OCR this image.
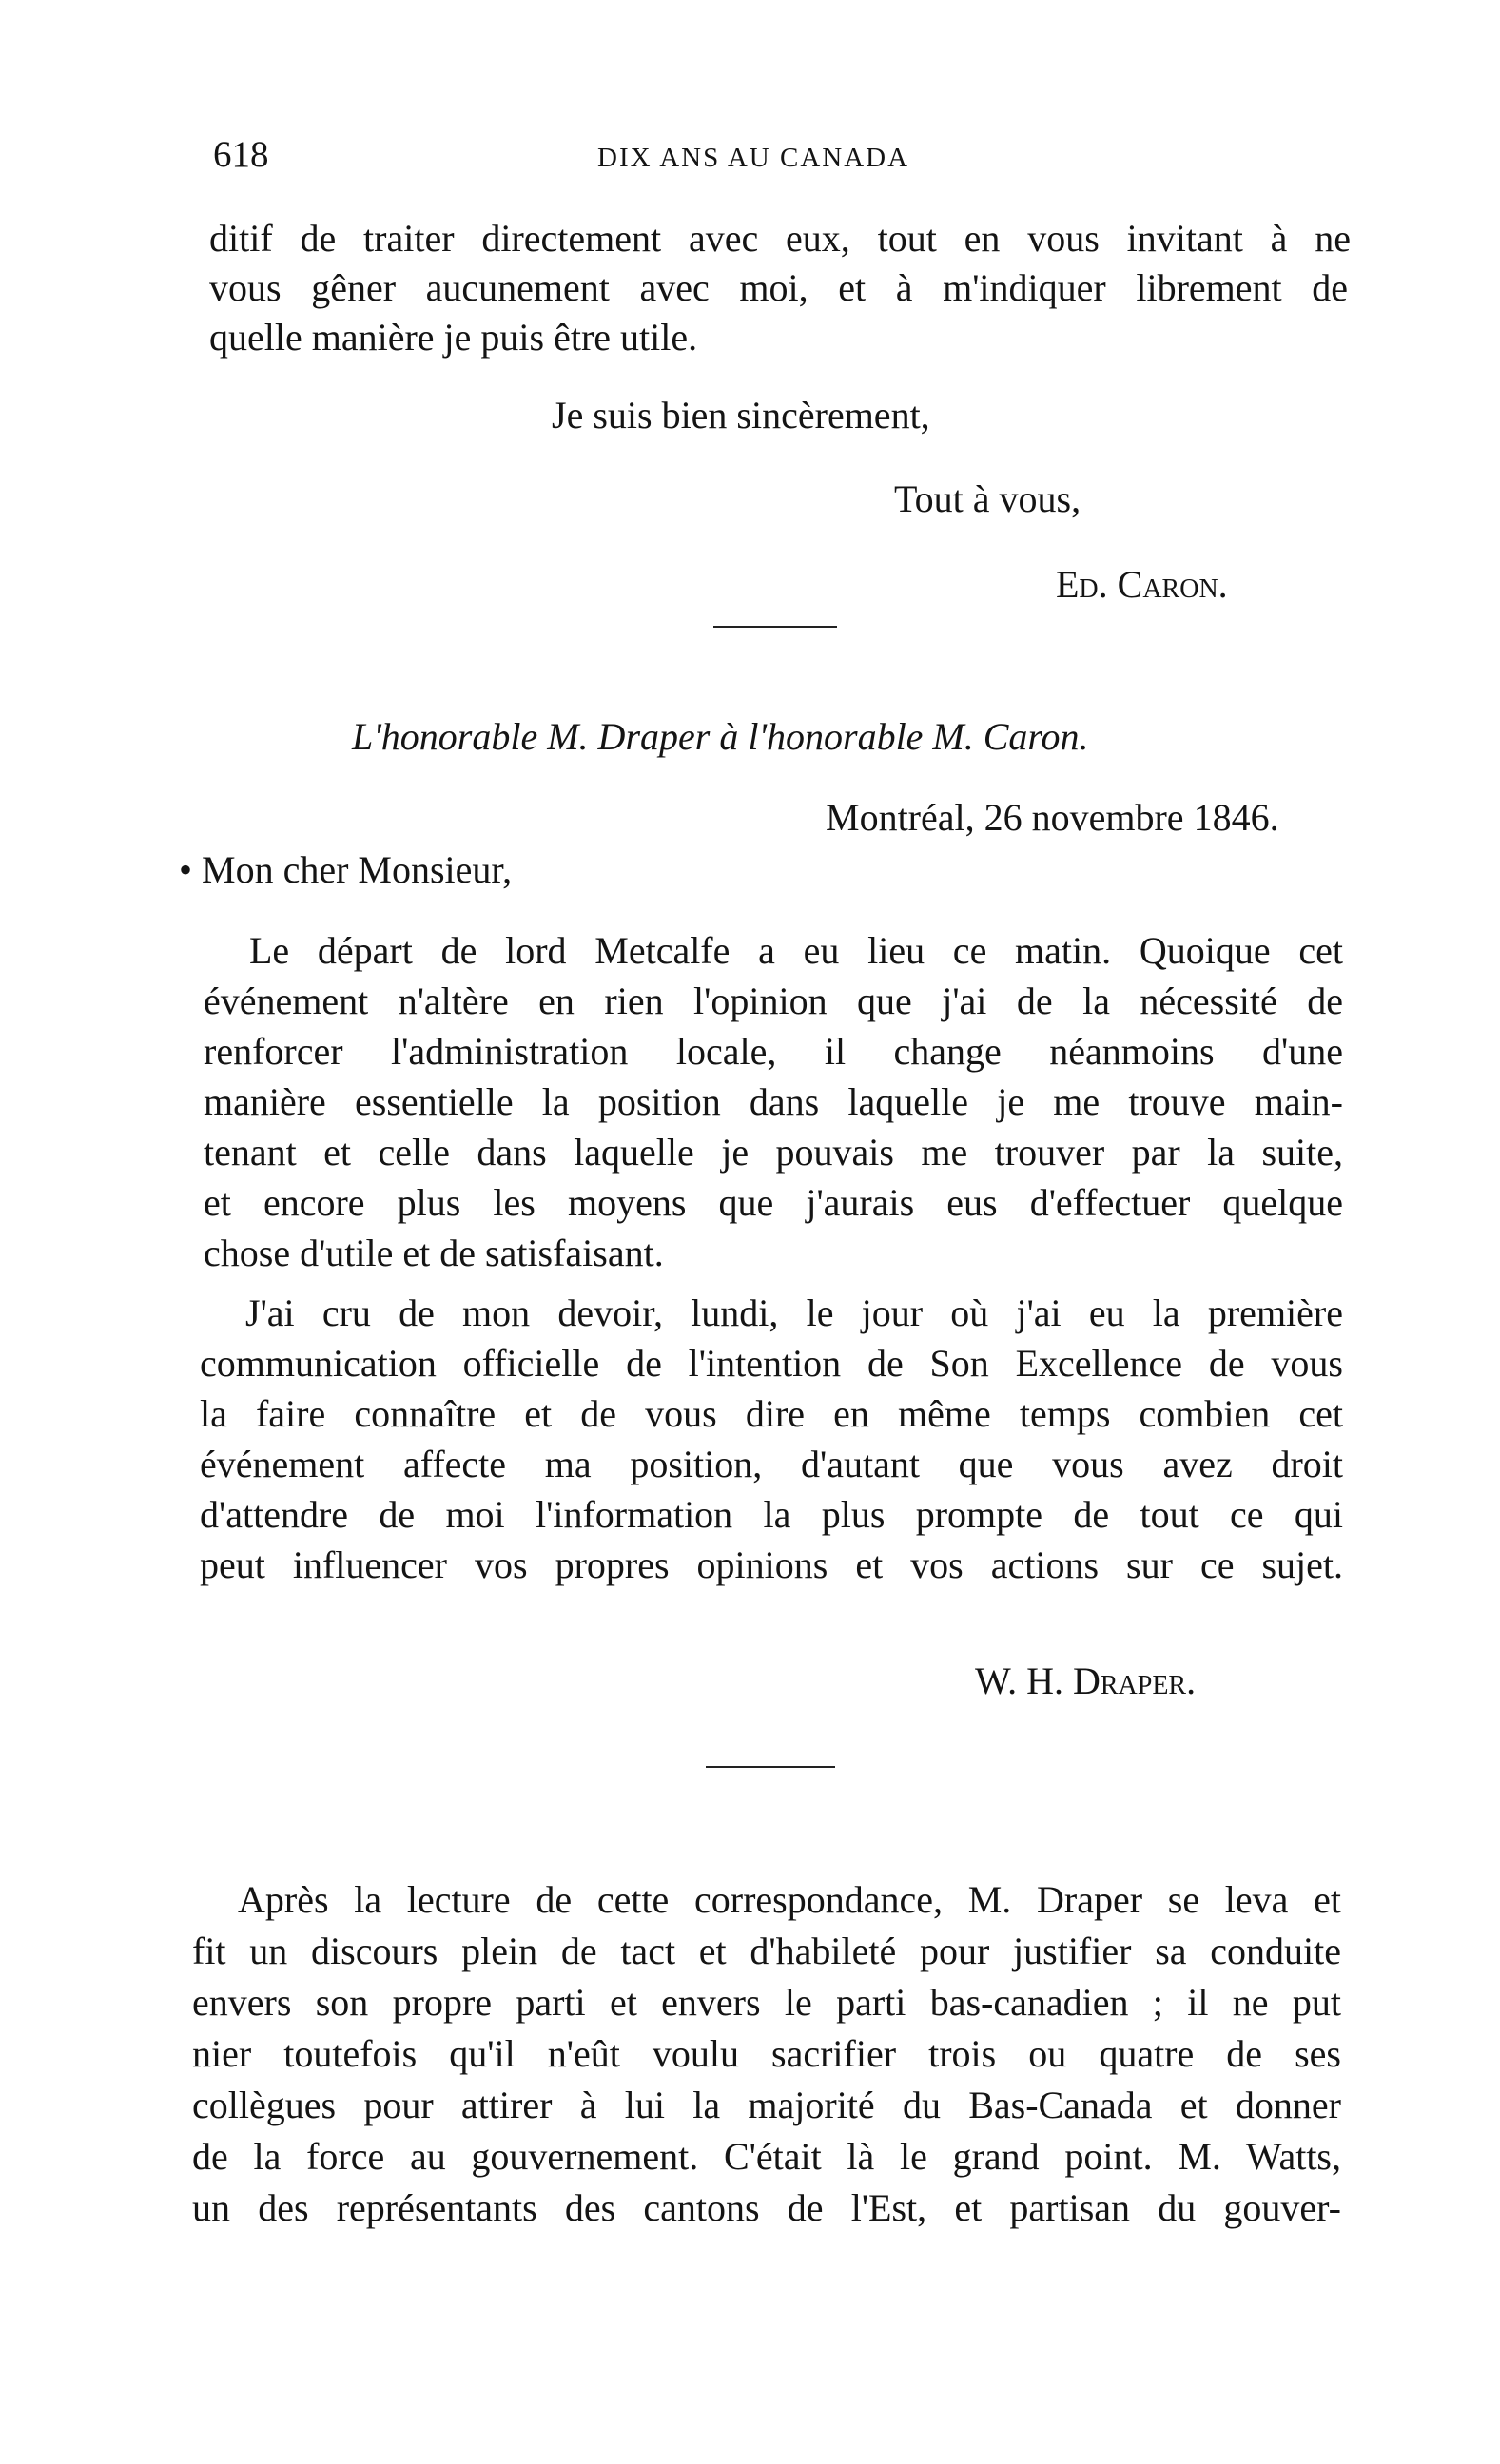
618	DIX ANS AU CANADA
ditif de traiter directement avec eux, tout en vous invitant à ne
vous gêner aucunement avec moi, et à m'indiquer librement de
quelle manière je puis être utile.
Je suis bien sincèrement,
Tout à vous,
Ed. Caron.
L'honorable M. Draper à l'honorable M. Caron.
Montréal, 26 novembre 1846.
• Mon cher Monsieur,
Le départ de lord Metcalfe a eu lieu ce matin. Quoique cet
événement n'altère en rien l'opinion que j'ai de la nécessité de
renforcer l'administration locale, il change néanmoins d'une
manière essentielle la position dans laquelle je me trouve main-
tenant et celle dans laquelle je pouvais me trouver par la suite,
et encore plus les moyens que j'aurais eus d'effectuer quelque
chose d'utile et de satisfaisant.
J'ai cru de mon devoir, lundi, le jour où j'ai eu la première
communication officielle de l'intention de Son Excellence de vous
la faire connaître et de vous dire en même temps combien cet
événement affecte ma position, d'autant que vous avez droit
d'attendre de moi l'information la plus prompte de tout ce qui
peut influencer vos propres opinions et vos actions sur ce sujet.
W. H. Draper.
Après la lecture de cette correspondance, M. Draper se leva et
fit un discours plein de tact et d'habileté pour justifier sa conduite
envers son propre parti et envers le parti bas-canadien ; il ne put
nier toutefois qu'il n'eût voulu sacrifier trois ou quatre de ses
collègues pour attirer à lui la majorité du Bas-Canada et donner
de la force au gouvernement. C'était là le grand point. M. Watts,
un des représentants des cantons de l'Est, et partisan du gouver-
